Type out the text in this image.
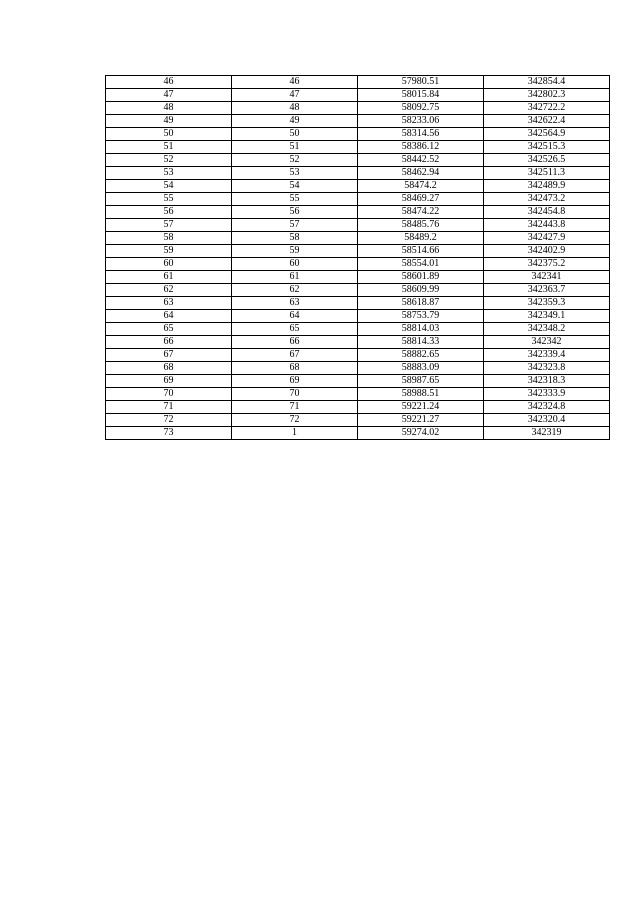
46	46	57980.51	342854.4
47	47	58015.84	342802.3
48	48	58092.75	342722.2
49	49	58233.06	342622.4
50	50	58314.56	342564.9
51	51	58386.12	342515.3
52	52	58442.52	342526.5
53	53	58462.94	342511.3
54	54	58474.2	342489.9
55	55	58469.27	342473.2
56	56	58474.22	342454.8
57	57	58485.76	342443.8
58	58	58489.2	342427.9
59	59	58514.66	342402.9
60	60	58554.01	342375.2
61	61	58601.89	342341
62	62	58609.99	342363.7
63	63	58618.87	342359.3
64	64	58753.79	342349.1
65	65	58814.03	342348.2
66	66	58814.33	342342
67	67	58882.65	342339.4
68	68	58883.09	342323.8
69	69	58987.65	342318.3
70	70	58988.51	342333.9
71	71	59221.24	342324.8
72	72	59221.27	342320.4
73	1	59274.02	342319
